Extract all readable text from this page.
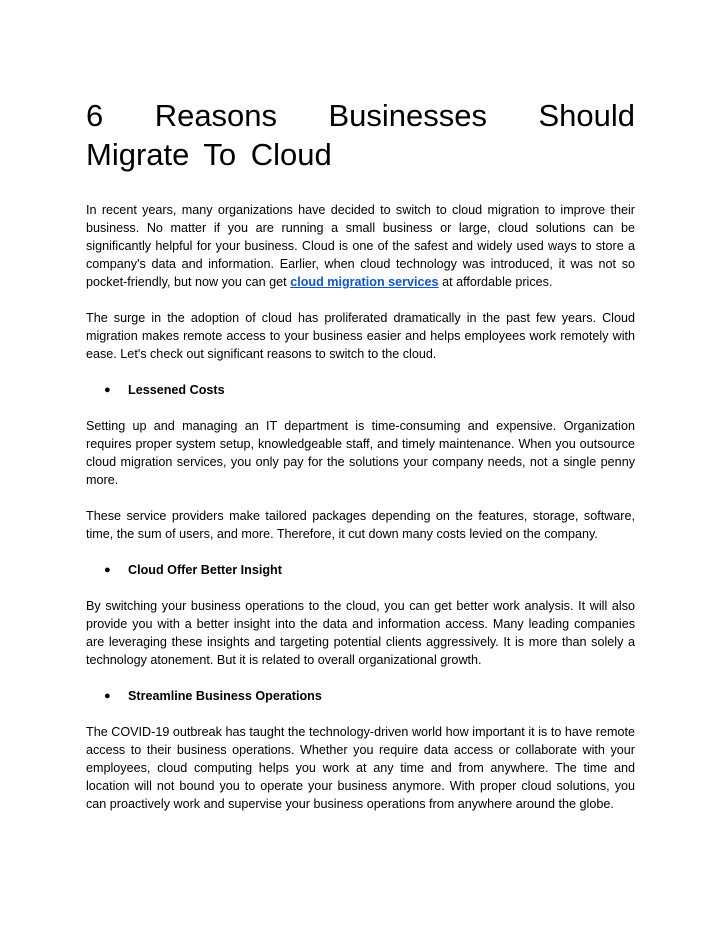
6 Reasons Businesses Should Migrate To Cloud

In recent years, many organizations have decided to switch to cloud migration to improve their business. No matter if you are running a small business or large, cloud solutions can be significantly helpful for your business. Cloud is one of the safest and widely used ways to store a company's data and information. Earlier, when cloud technology was introduced, it was not so pocket-friendly, but now you can get cloud migration services at affordable prices.

The surge in the adoption of cloud has proliferated dramatically in the past few years. Cloud migration makes remote access to your business easier and helps employees work remotely with ease. Let's check out significant reasons to switch to the cloud.

●	Lessened Costs

Setting up and managing an IT department is time-consuming and expensive. Organization requires proper system setup, knowledgeable staff, and timely maintenance. When you outsource cloud migration services, you only pay for the solutions your company needs, not a single penny more.

These service providers make tailored packages depending on the features, storage, software, time, the sum of users, and more. Therefore, it cut down many costs levied on the company.

●	Cloud Offer Better Insight

By switching your business operations to the cloud, you can get better work analysis. It will also provide you with a better insight into the data and information access. Many leading companies are leveraging these insights and targeting potential clients aggressively. It is more than solely a technology atonement. But it is related to overall organizational growth.

●	Streamline Business Operations

The COVID-19 outbreak has taught the technology-driven world how important it is to have remote access to their business operations. Whether you require data access or collaborate with your employees, cloud computing helps you work at any time and from anywhere. The time and location will not bound you to operate your business anymore. With proper cloud solutions, you can proactively work and supervise your business operations from anywhere around the globe.
